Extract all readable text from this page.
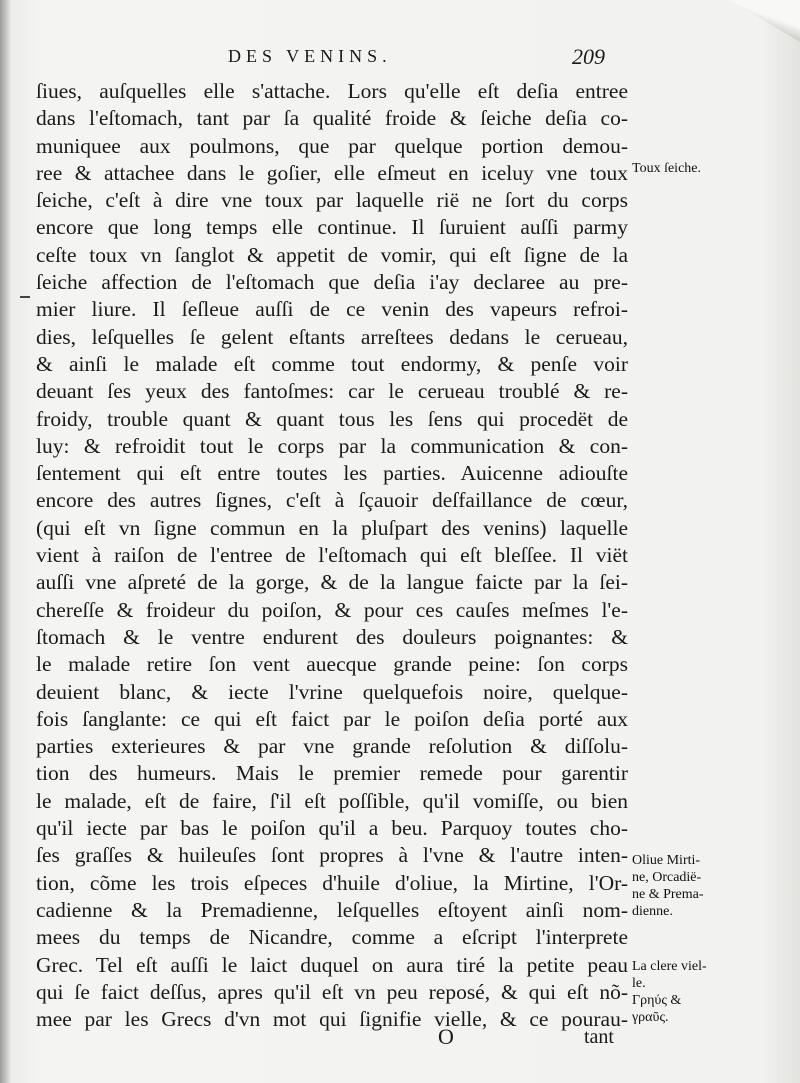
DES VENINS.	209
ſiues, auſquelles elle s'attache. Lors qu'elle eſt deſia entree
dans l'eſtomach, tant par ſa qualité froide & ſeiche deſia co-
muniquee aux poulmons, que par quelque portion demou-
ree & attachee dans le goſier, elle eſmeut en iceluy vne toux
ſeiche, c'eſt à dire vne toux par laquelle rië ne ſort du corps
encore que long temps elle continue. Il ſuruient auſſi parmy
ceſte toux vn ſanglot & appetit de vomir, qui eſt ſigne de la
ſeiche affection de l'eſtomach que deſia i'ay declaree au pre-
mier liure. Il ſeſleue auſſi de ce venin des vapeurs refroi-
dies, leſquelles ſe gelent eſtants arreſtees dedans le cerueau,
& ainſi le malade eſt comme tout endormy, & penſe voir
deuant ſes yeux des fantoſmes: car le cerueau troublé & re-
froidy, trouble quant & quant tous les ſens qui procedët de
luy: & refroidit tout le corps par la communication & con-
ſentement qui eſt entre toutes les parties. Auicenne adiouſte
encore des autres ſignes, c'eſt à ſçauoir deſfaillance de cœur,
(qui eſt vn ſigne commun en la pluſpart des venins) laquelle
vient à raiſon de l'entree de l'eſtomach qui eſt bleſſee. Il viët
auſſi vne aſpreté de la gorge, & de la langue faicte par la ſei-
chereſſe & froideur du poiſon, & pour ces cauſes meſmes l'e-
ſtomach & le ventre endurent des douleurs poignantes: &
le malade retire ſon vent auecque grande peine: ſon corps
deuient blanc, & iecte l'vrine quelquefois noire, quelque-
fois ſanglante: ce qui eſt faict par le poiſon deſia porté aux
parties exterieures & par vne grande reſolution & diſſolu-
tion des humeurs. Mais le premier remede pour garentir
le malade, eſt de faire, ſ'il eſt poſſible, qu'il vomiſſe, ou bien
qu'il iecte par bas le poiſon qu'il a beu. Parquoy toutes cho-
ſes graſſes & huileuſes ſont propres à l'vne & l'autre inten-
tion, cõme les trois eſpeces d'huile d'oliue, la Mirtine, l'Or-
cadienne & la Premadienne, leſquelles eſtoyent ainſi nom-
mees du temps de Nicandre, comme a eſcript l'interprete
Grec. Tel eſt auſſi le laict duquel on aura tiré la petite peau
qui ſe faict deſſus, apres qu'il eſt vn peu reposé, & qui eſt nõ-
mee par les Grecs d'vn mot qui ſignifie vielle, & ce pourau-
Toux ſeiche.
Oliue Mirti-
ne, Orcadië-
ne & Prema-
dienne.
La clere viel-
le.
Γρηύς &
γραῦς.
O	tant
